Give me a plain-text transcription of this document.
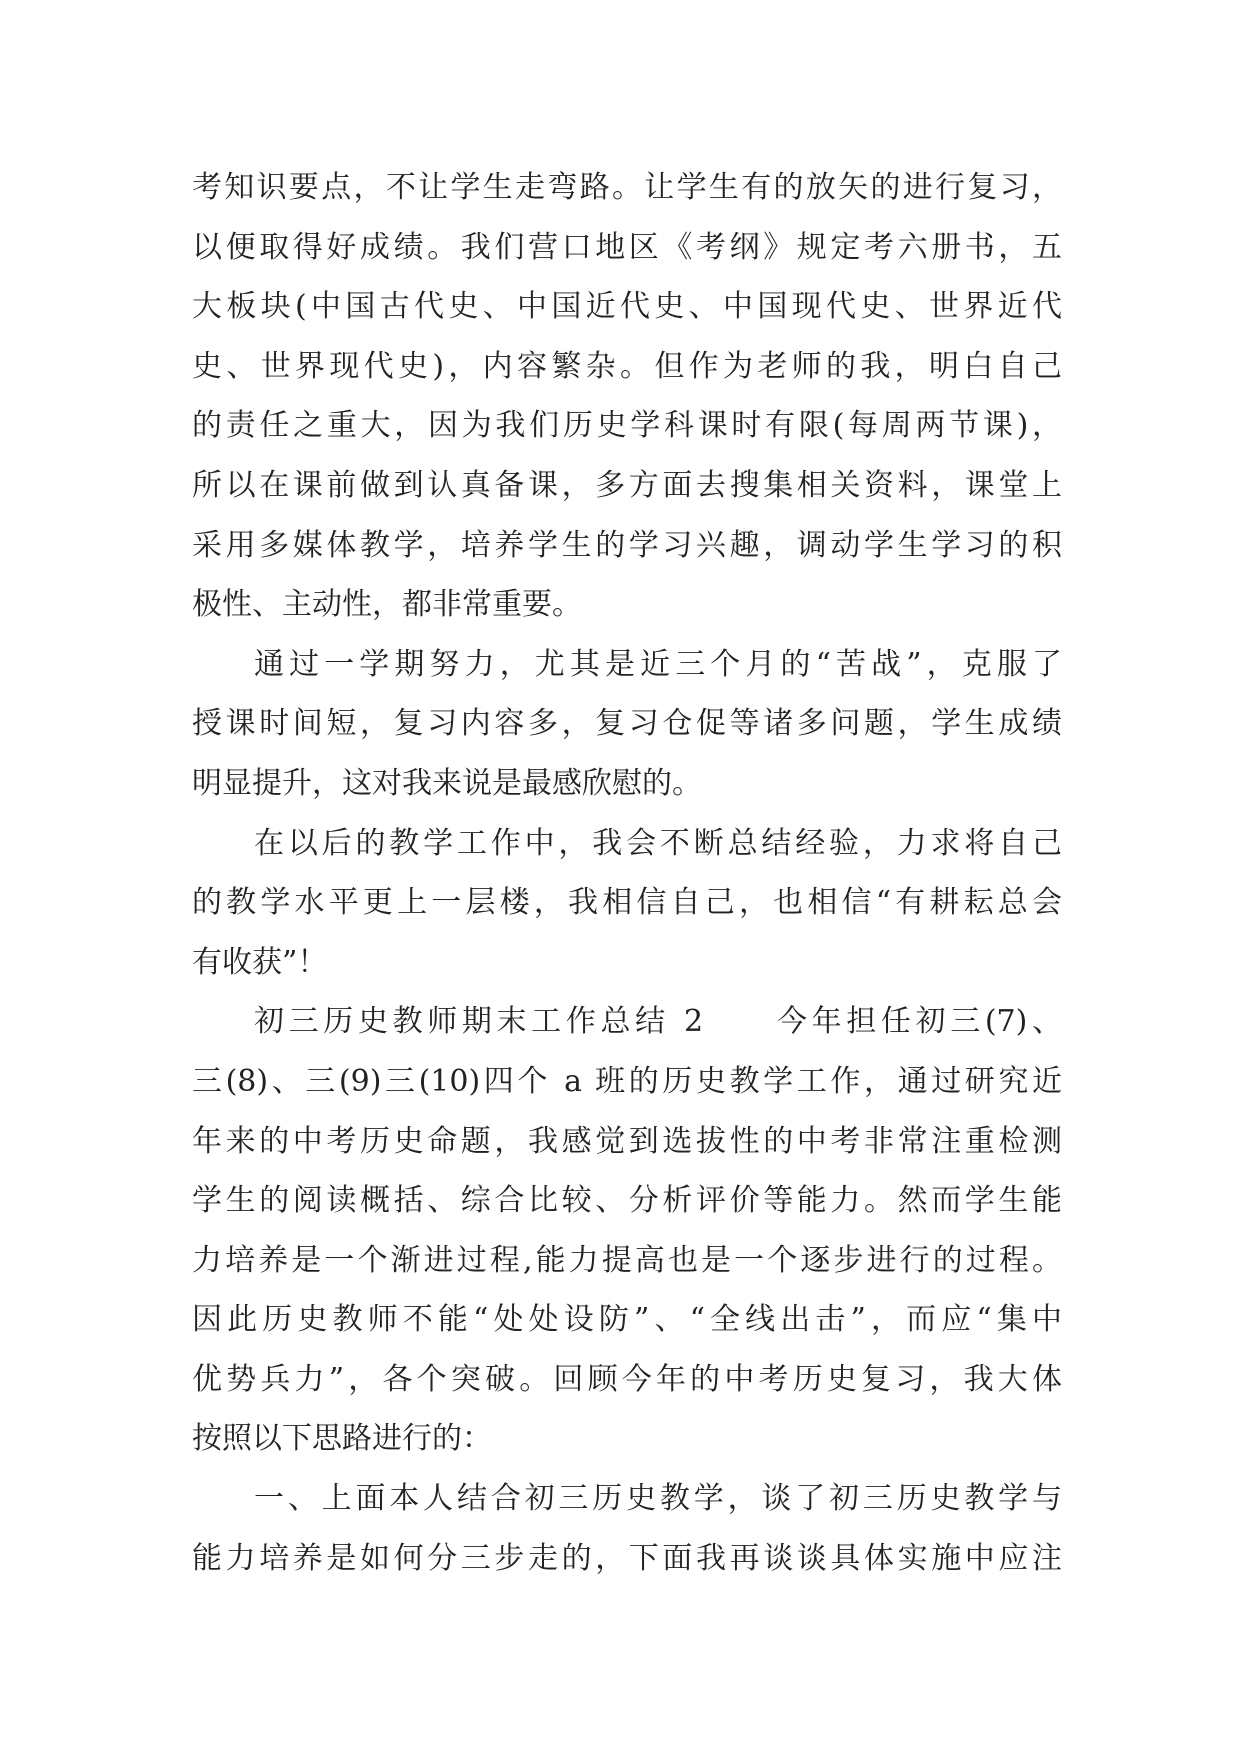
考知识要点，不让学生走弯路。让学生有的放矢的进行复习，
以便取得好成绩。我们营口地区《考纲》规定考六册书，五
大板块(中国古代史、中国近代史、中国现代史、世界近代
史、世界现代史)，内容繁杂。但作为老师的我，明白自己
的责任之重大，因为我们历史学科课时有限(每周两节课)，
所以在课前做到认真备课，多方面去搜集相关资料，课堂上
采用多媒体教学，培养学生的学习兴趣，调动学生学习的积
极性、主动性，都非常重要。
通过一学期努力，尤其是近三个月的“苦战”，克服了
授课时间短，复习内容多，复习仓促等诸多问题，学生成绩
明显提升，这对我来说是最感欣慰的。
在以后的教学工作中，我会不断总结经验，力求将自己
的教学水平更上一层楼，我相信自己，也相信“有耕耘总会
有收获”！
初三历史教师期末工作总结 2　　今年担任初三(7)、
三(8)、三(9)三(10)四个 a 班的历史教学工作，通过研究近
年来的中考历史命题，我感觉到选拔性的中考非常注重检测
学生的阅读概括、综合比较、分析评价等能力。然而学生能
力培养是一个渐进过程,能力提高也是一个逐步进行的过程。
因此历史教师不能“处处设防”、“全线出击”，而应“集中
优势兵力”，各个突破。回顾今年的中考历史复习，我大体
按照以下思路进行的：
一、上面本人结合初三历史教学，谈了初三历史教学与
能力培养是如何分三步走的，下面我再谈谈具体实施中应注
